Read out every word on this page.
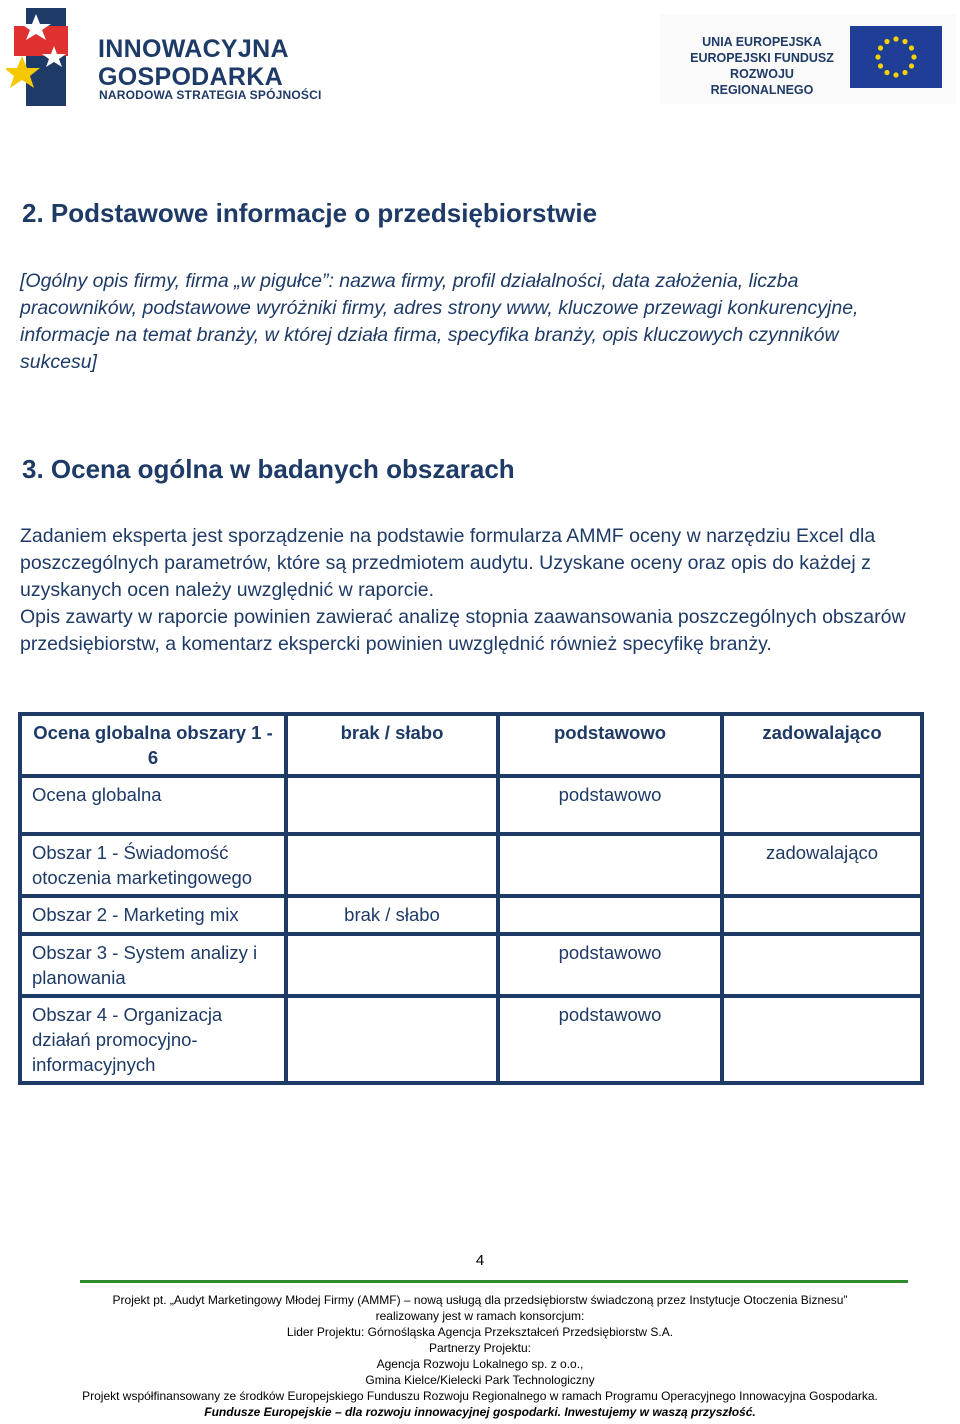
INNOWACYJNA
GOSPODARKA
NARODOWA STRATEGIA SPÓJNOŚCI
UNIA EUROPEJSKA
EUROPEJSKI FUNDUSZ
ROZWOJU REGIONALNEGO
2. Podstawowe informacje o przedsiębiorstwie

[Ogólny opis firmy, firma „w pigułce”: nazwa firmy, profil działalności, data założenia, liczba pracowników, podstawowe wyróżniki firmy, adres strony www, kluczowe przewagi konkurencyjne, informacje na temat branży, w której działa firma, specyfika branży, opis kluczowych czynników sukcesu]

3. Ocena ogólna w badanych obszarach

Zadaniem eksperta jest sporządzenie na podstawie formularza AMMF oceny w narzędziu Excel dla poszczególnych parametrów, które są przedmiotem audytu. Uzyskane oceny oraz opis do każdej z uzyskanych ocen należy uwzględnić w raporcie.

Opis zawarty w raporcie powinien zawierać analizę stopnia zaawansowania poszczególnych obszarów przedsiębiorstw, a komentarz ekspercki powinien uwzględnić również specyfikę branży.

Ocena globalna obszary 1 - 6	brak / słabo	podstawowo	zadowalająco
Ocena globalna		podstawowo	
Obszar 1 - Świadomość otoczenia marketingowego			zadowalająco
Obszar 2 - Marketing mix	brak / słabo		
Obszar 3 - System analizy i planowania		podstawowo	
Obszar 4 - Organizacja działań promocyjno-informacyjnych		podstawowo	
4
Projekt pt. „Audyt Marketingowy Młodej Firmy (AMMF) – nową usługą dla przedsiębiorstw świadczoną przez Instytucje Otoczenia Biznesu”
realizowany jest w ramach konsorcjum:
Lider Projektu: Górnośląska Agencja Przekształceń Przedsiębiorstw S.A.
Partnerzy Projektu:
Agencja Rozwoju Lokalnego sp. z o.o.,
Gmina Kielce/Kielecki Park Technologiczny
Projekt współfinansowany ze środków Europejskiego Funduszu Rozwoju Regionalnego w ramach Programu Operacyjnego Innowacyjna Gospodarka.
Fundusze Europejskie – dla rozwoju innowacyjnej gospodarki. Inwestujemy w waszą przyszłość.
